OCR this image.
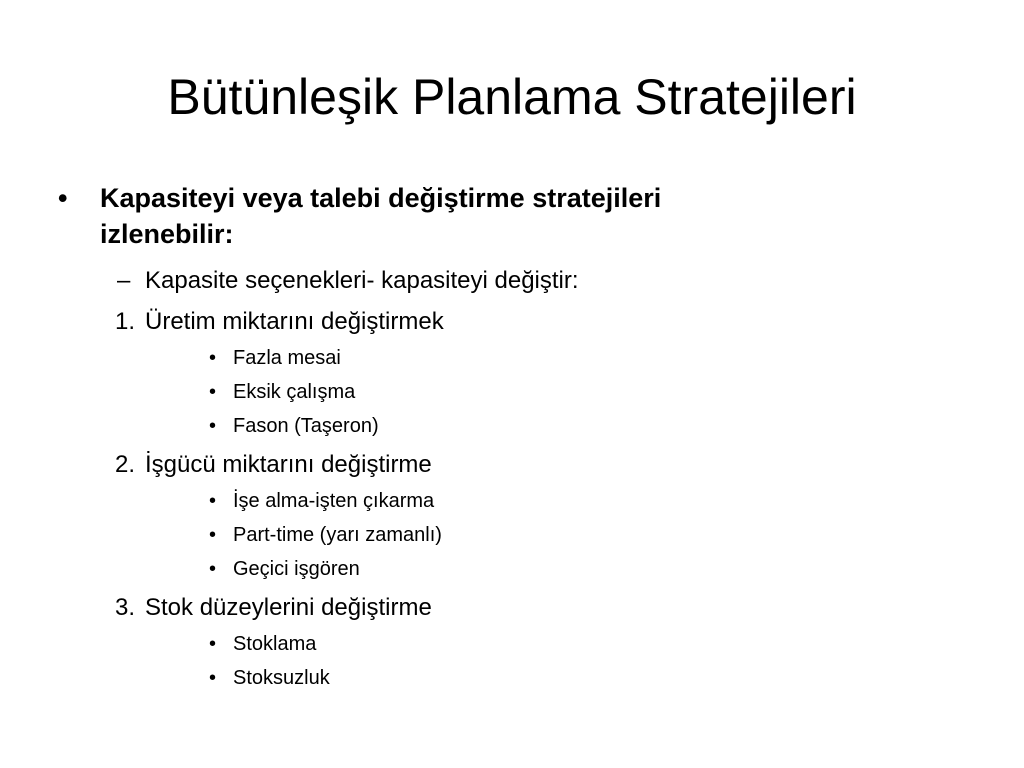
Bütünleşik Planlama Stratejileri
• Kapasiteyi veya talebi değiştirme stratejileri
izlenebilir:
– Kapasite seçenekleri- kapasiteyi değiştir:
1. Üretim miktarını değiştirmek
• Fazla mesai
• Eksik çalışma
• Fason (Taşeron)
2. İşgücü miktarını değiştirme
• İşe alma-işten çıkarma
• Part-time (yarı zamanlı)
• Geçici işgören
3. Stok düzeylerini değiştirme
• Stoklama
• Stoksuzluk
